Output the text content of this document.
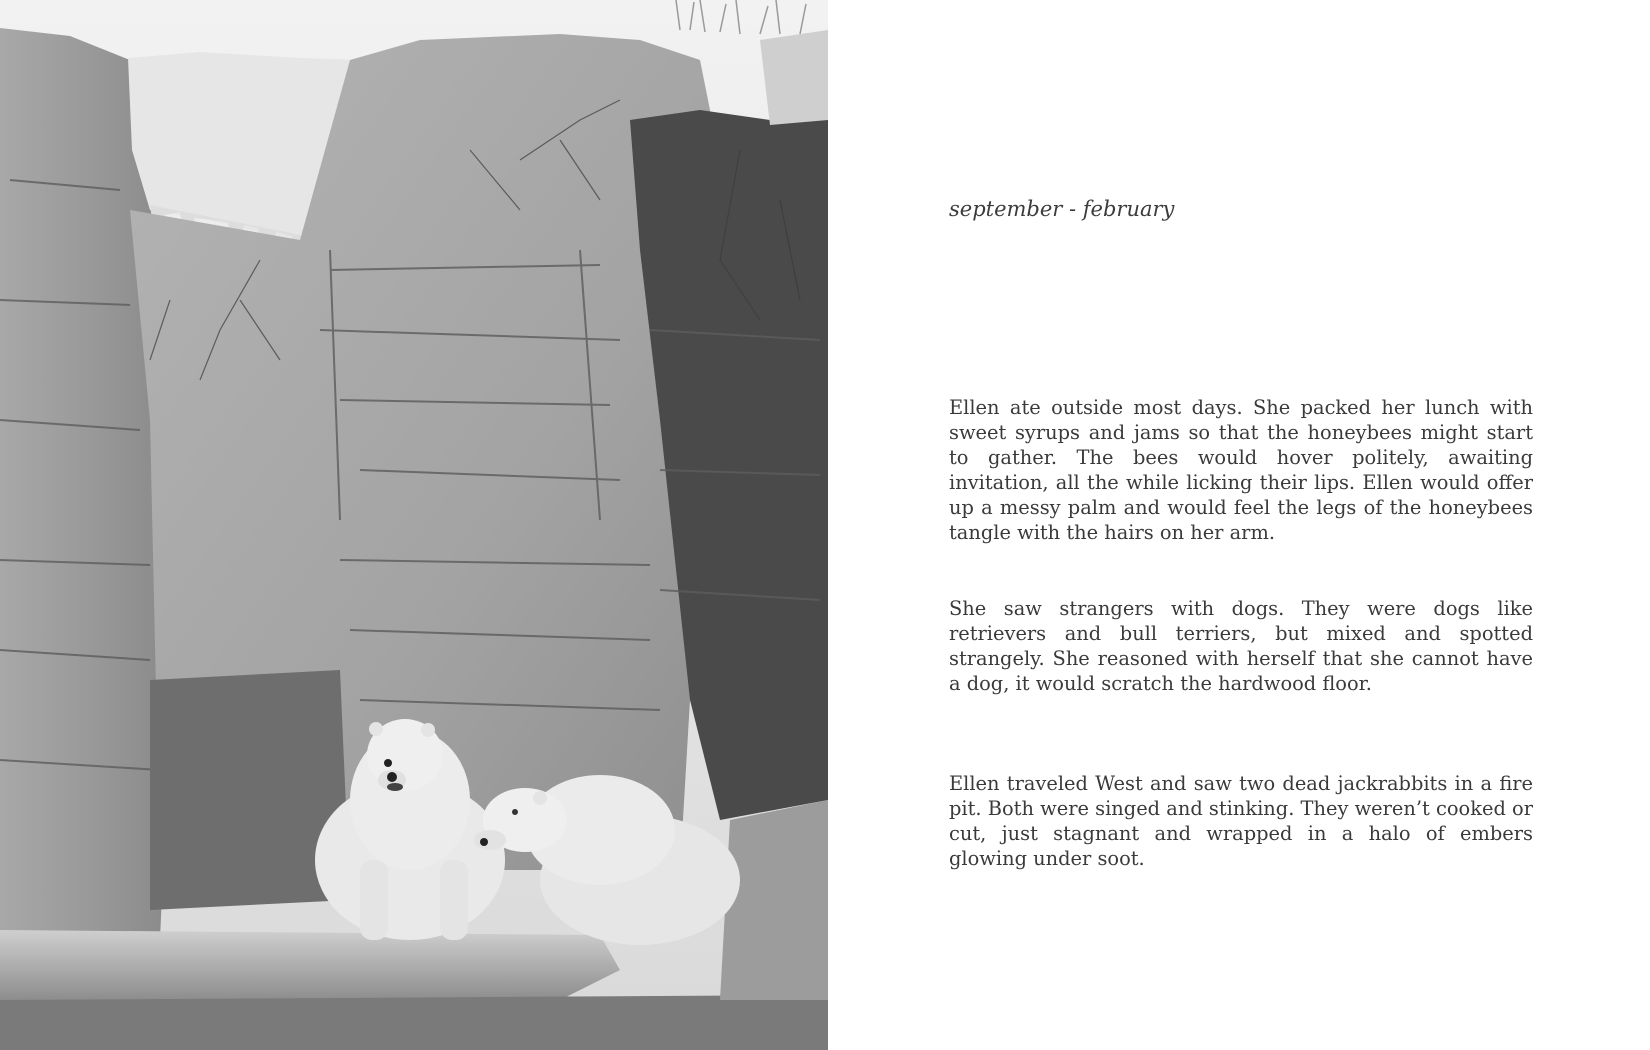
september - february

Ellen ate outside most days. She packed her lunch with sweet syrups and jams so that the honeybees might start to gather. The bees would hover politely, awaiting invitation, all the while licking their lips. Ellen would offer up a messy palm and would feel the legs of the honeybees tangle with the hairs on her arm.

She saw strangers with dogs. They were dogs like retrievers and bull terriers, but mixed and spotted strangely. She reasoned with herself that she cannot have a dog, it would scratch the hardwood floor.

Ellen traveled West and saw two dead jackrabbits in a fire pit. Both were singed and stinking. They weren’t cooked or cut, just stagnant and wrapped in a halo of embers glowing under soot.
